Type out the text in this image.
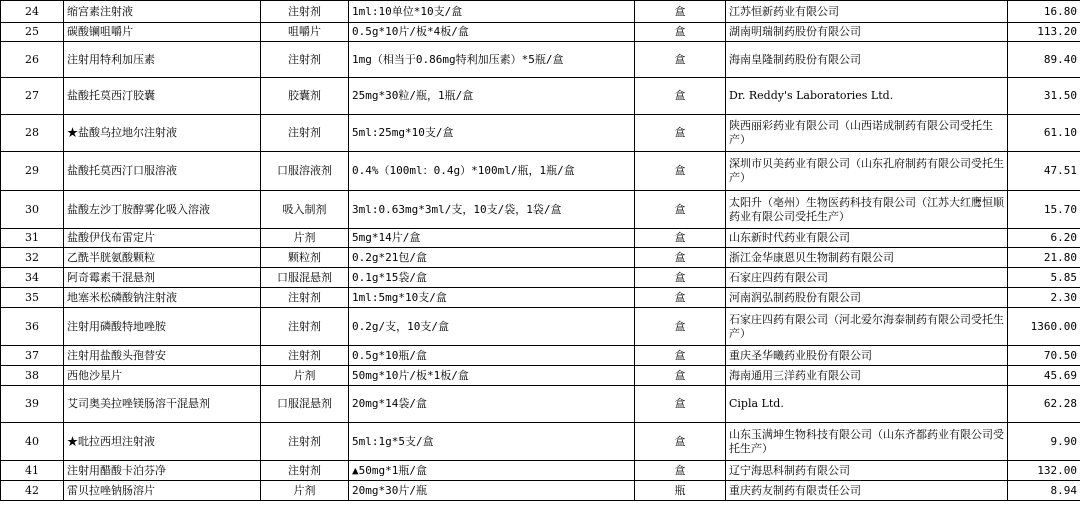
24	缩宫素注射液	注射剂	1ml:10单位*10支/盒	盒	江苏恒新药业有限公司	16.80
25	碳酸镧咀嚼片	咀嚼片	0.5g*10片/板*4板/盒	盒	湖南明瑞制药股份有限公司	113.20
26	注射用特利加压素	注射剂	1mg（相当于0.86mg特利加压素）*5瓶/盒	盒	海南皇隆制药股份有限公司	89.40
27	盐酸托莫西汀胶囊	胶囊剂	25mg*30粒/瓶，1瓶/盒	盒	Dr. Reddy's Laboratories Ltd.	31.50
28	★盐酸乌拉地尔注射液	注射剂	5ml:25mg*10支/盒	盒	陕西丽彩药业有限公司（山西诺成制药有限公司受托生产）	61.10
29	盐酸托莫西汀口服溶液	口服溶液剂	0.4%（100ml：0.4g）*100ml/瓶，1瓶/盒	盒	深圳市贝美药业有限公司（山东孔府制药有限公司受托生产）	47.51
30	盐酸左沙丁胺醇雾化吸入溶液	吸入制剂	3ml:0.63mg*3ml/支，10支/袋，1袋/盒	盒	太阳升（亳州）生物医药科技有限公司（江苏大红鹰恒顺药业有限公司受托生产）	15.70
31	盐酸伊伐布雷定片	片剂	5mg*14片/盒	盒	山东新时代药业有限公司	6.20
32	乙酰半胱氨酸颗粒	颗粒剂	0.2g*21包/盒	盒	浙江金华康恩贝生物制药有限公司	21.80
34	阿奇霉素干混悬剂	口服混悬剂	0.1g*15袋/盒	盒	石家庄四药有限公司	5.85
35	地塞米松磷酸钠注射液	注射剂	1ml:5mg*10支/盒	盒	河南润弘制药股份有限公司	2.30
36	注射用磷酸特地唑胺	注射剂	0.2g/支，10支/盒	盒	石家庄四药有限公司（河北爱尔海泰制药有限公司受托生产）	1360.00
37	注射用盐酸头孢替安	注射剂	0.5g*10瓶/盒	盒	重庆圣华曦药业股份有限公司	70.50
38	西他沙星片	片剂	50mg*10片/板*1板/盒	盒	海南通用三洋药业有限公司	45.69
39	艾司奥美拉唑镁肠溶干混悬剂	口服混悬剂	20mg*14袋/盒	盒	Cipla Ltd.	62.28
40	★吡拉西坦注射液	注射剂	5ml:1g*5支/盒	盒	山东玉满坤生物科技有限公司（山东齐都药业有限公司受托生产）	9.90
41	注射用醋酸卡泊芬净	注射剂	▲50mg*1瓶/盒	盒	辽宁海思科制药有限公司	132.00
42	雷贝拉唑钠肠溶片	片剂	20mg*30片/瓶	瓶	重庆药友制药有限责任公司	8.94
